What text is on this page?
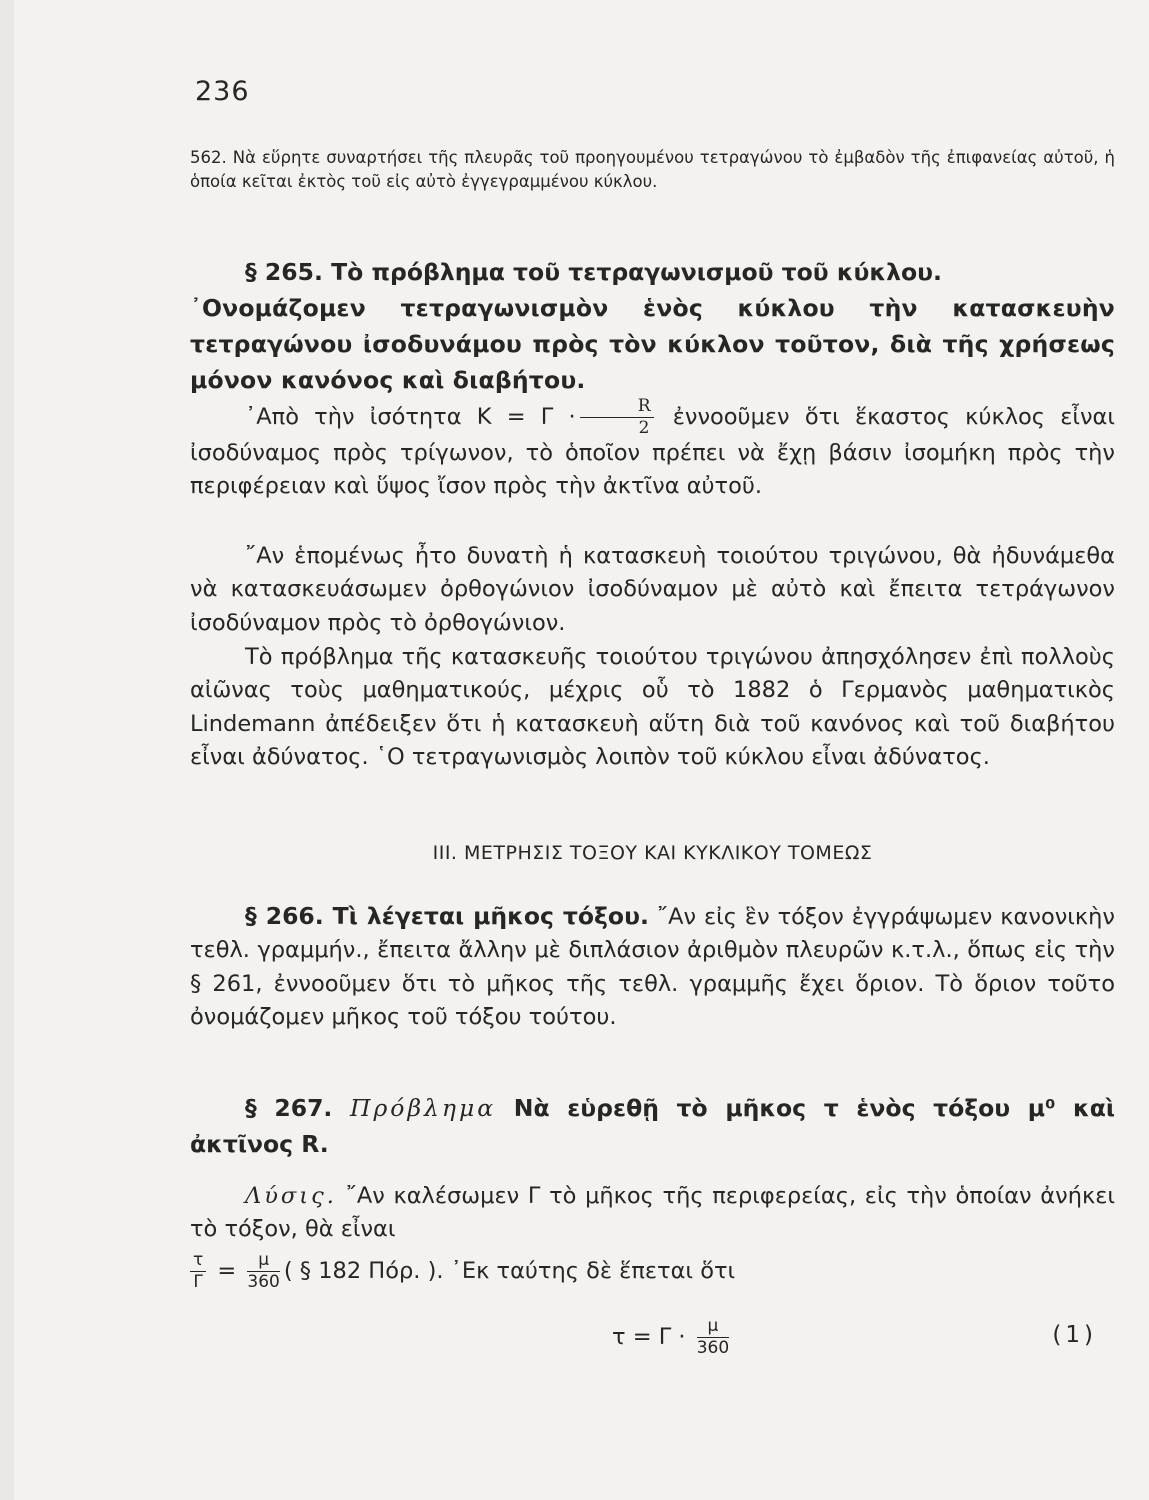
236
562. Νὰ εὕρητε συναρτήσει τῆς πλευρᾶς τοῦ προηγουμένου τετραγώνου τὸ ἐμβαδὸν τῆς ἐπιφανείας αὐτοῦ, ἡ ὁποία κεῖται ἐκτὸς τοῦ εἰς αὐτὸ ἐγγεγραμμένου κύκλου.
§ 265. Τὸ πρόβλημα τοῦ τετραγωνισμοῦ τοῦ κύκλου.
᾿Ονομάζομεν τετραγωνισμὸν ἑνὸς κύκλου τὴν κατασκευὴν τετραγώνου ἰσοδυνάμου πρὸς τὸν κύκλον τοῦτον, διὰ τῆς χρήσεως μόνον κανόνος καὶ διαβήτου.
᾿Απὸ τὴν ἰσότητα $K = \Gamma \cdot \frac{R}{2}$ ἐννοοῦμεν ὅτι ἕκαστος κύκλος εἶναι ἰσοδύναμος πρὸς τρίγωνον, τὸ ὁποῖον πρέπει νὰ ἔχῃ βάσιν ἰσομήκη πρὸς τὴν περιφέρειαν καὶ ὕψος ἴσον πρὸς τὴν ἀκτῖνα αὐτοῦ.
῎Αν ἑπομένως ἦτο δυνατὴ ἡ κατασκευὴ τοιούτου τριγώνου, θὰ ἠδυνάμεθα νὰ κατασκευάσωμεν ὀρθογώνιον ἰσοδύναμον μὲ αὐτὸ καὶ ἔπειτα τετράγωνον ἰσοδύναμον πρὸς τὸ ὀρθογώνιον.
Τὸ πρόβλημα τῆς κατασκευῆς τοιούτου τριγώνου ἀπησχόλησεν ἐπὶ πολλοὺς αἰῶνας τοὺς μαθηματικούς, μέχρις οὗ τὸ 1882 ὁ Γερμανὸς μαθηματικὸς Lindemann ἀπέδειξεν ὅτι ἡ κατασκευὴ αὕτη διὰ τοῦ κανόνος καὶ τοῦ διαβήτου εἶναι ἀδύνατος. ῾Ο τετραγωνισμὸς λοιπὸν τοῦ κύκλου εἶναι ἀδύνατος.
III. ΜΕΤΡΗΣΙΣ ΤΟΞΟΥ ΚΑΙ ΚΥΚΛΙΚΟΥ ΤΟΜΕΩΣ
§ 266. Τὶ λέγεται μῆκος τόξου. ῎Αν εἰς ἓν τόξον ἐγγράψωμεν κανονικὴν τεθλ. γραμμήν., ἔπειτα ἄλλην μὲ διπλάσιον ἀριθμὸν πλευρῶν κ.τ.λ., ὅπως εἰς τὴν § 261, ἐννοοῦμεν ὅτι τὸ μῆκος τῆς τεθλ. γραμμῆς ἔχει ὅριον. Τὸ ὅριον τοῦτο ὀνομάζομεν μῆκος τοῦ τόξου τούτου.
§ 267. Πρόβλημα Νὰ εὑρεθῇ τὸ μῆκος τ ἑνὸς τόξου μ⁰ καὶ ἀκτῖνος R.
Λύσις. ῎Αν καλέσωμεν Γ τὸ μῆκος τῆς περιφερείας, εἰς τὴν ὁποίαν ἀνήκει τὸ τόξον, θὰ εἶναι
$\frac{\tau}{\Gamma} = \frac{\mu}{360}$ ( § 182 Πόρ. ). ᾿Εκ ταύτης δὲ ἕπεται ὅτι
$\tau = \Gamma \cdot \frac{\mu}{360}$	(1)
